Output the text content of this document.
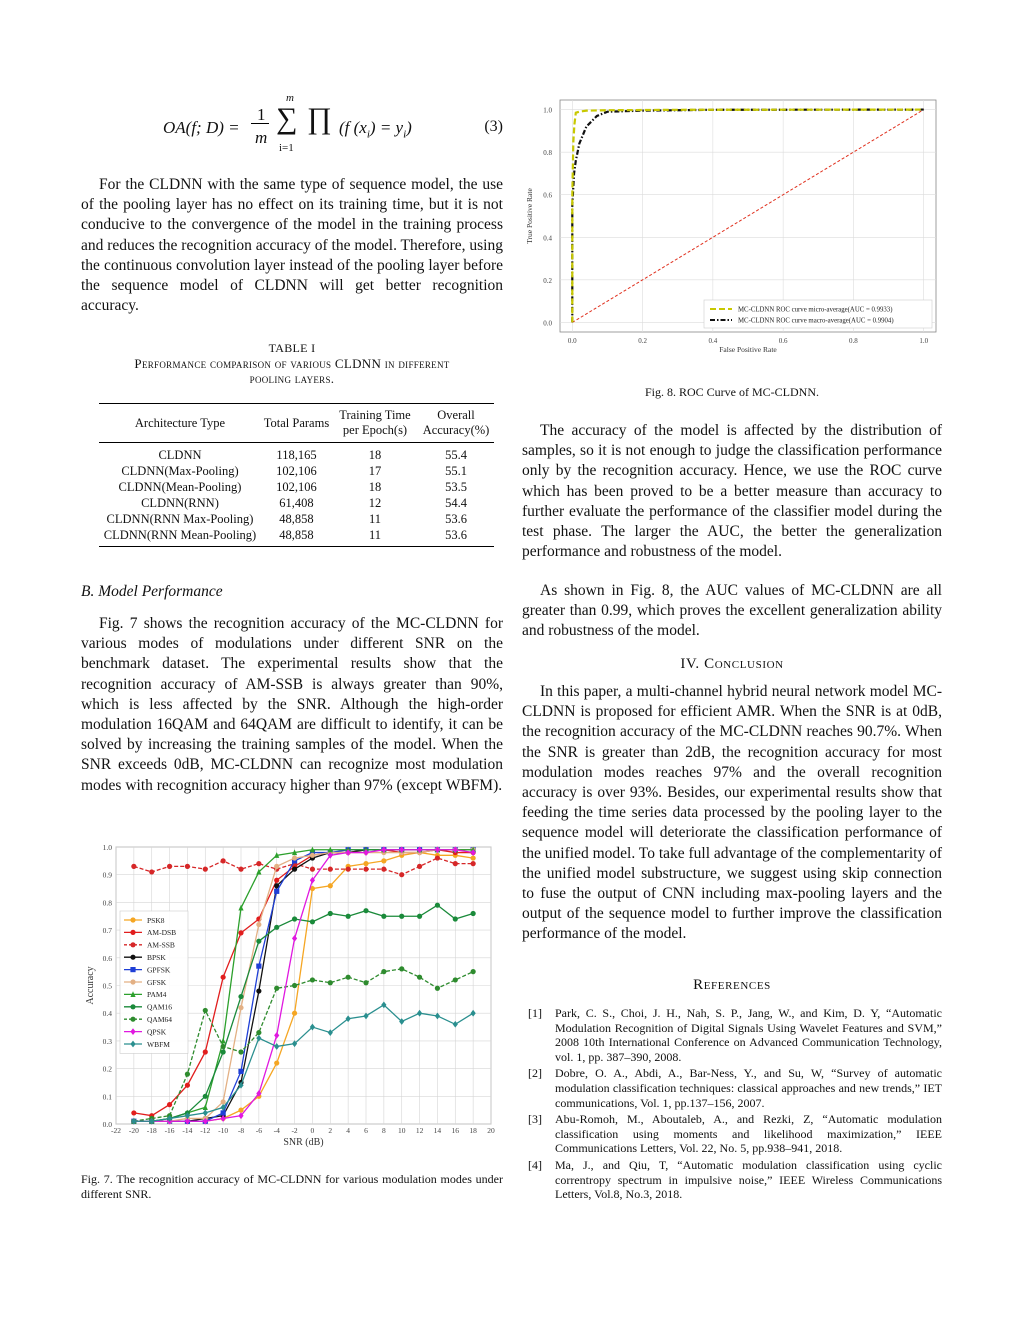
OA(f; D) =
1
m
m
∑
i=1
∏ (f $(x_i) = y_i$)	(3)

For the CLDNN with the same type of sequence model, the use of the pooling layer has no effect on its training time, but it is not conducive to the convergence of the model in the training process and reduces the recognition accuracy of the model. Therefore, using the continuous convolution layer instead of the pooling layer before the sequence model of CLDNN will get better recognition accuracy.

TABLE I
Performance comparison of various CLDNN in different
pooling layers.
Architecture Type	Total Params	Training Time per Epoch(s)	Overall Accuracy(%)
CLDNN	118,165	18	55.4
CLDNN(Max-Pooling)	102,106	17	55.1
CLDNN(Mean-Pooling)	102,106	18	53.5
CLDNN(RNN)	61,408	12	54.4
CLDNN(RNN Max-Pooling)	48,858	11	53.6
CLDNN(RNN Mean-Pooling)	48,858	11	53.6
B. Model Performance

Fig. 7 shows the recognition accuracy of the MC-CLDNN for various modes of modulations under different SNR on the benchmark dataset. The experimental results show that the recognition accuracy of AM-SSB is always greater than 90%, which is less affected by the SNR. Although the high-order modulation 16QAM and 64QAM are difficult to identify, it can be solved by increasing the training samples of the model. When the SNR exceeds 0dB, MC-CLDNN can recognize most modulation modes with recognition accuracy higher than 97% (except WBFM).

0.0
0.1
0.2
0.3
0.4
0.5
0.6
0.7
0.8
0.9
1.0
-22 -20 -18 -16 -14 -12 -10 -8 -6 -4 -2 0 2 4 6 8 10 12 14 16 18 20
SNR (dB)
Accuracy
PSK8
AM-DSB
AM-SSB
BPSK
GPFSK
GFSK
PAM4
QAM16
QAM64
QPSK
WBFM
Fig. 7. The recognition accuracy of MC-CLDNN for various modulation modes under different SNR.
0.0
0.2
0.4
0.6
0.8
1.0
0.0	0.2	0.4	0.6	0.8	1.0
False Positive Rate
True Positive Rate
MC-CLDNN ROC curve micro-average(AUC = 0.9933)
MC-CLDNN ROC curve macro-average(AUC = 0.9904)
Fig. 8. ROC Curve of MC-CLDNN.

The accuracy of the model is affected by the distribution of samples, so it is not enough to judge the classification performance only by the recognition accuracy. Hence, we use the ROC curve which has been proved to be a better measure than accuracy to further evaluate the performance of the classifier model during the test phase. The larger the AUC, the better the generalization performance and robustness of the model.

As shown in Fig. 8, the AUC values of MC-CLDNN are all greater than 0.99, which proves the excellent generalization ability and robustness of the model.

IV. Conclusion

In this paper, a multi-channel hybrid neural network model MC-CLDNN is proposed for efficient AMR. When the SNR is at 0dB, the recognition accuracy of the MC-CLDNN reaches 90.7%. When the SNR is greater than 2dB, the recognition accuracy for most modulation modes reaches 97% and the overall recognition accuracy is over 93%. Besides, our experimental results show that feeding the time series data processed by the pooling layer to the sequence model will deteriorate the classification performance of the unified model. To take full advantage of the complementarity of the unified model substructure, we suggest using skip connection to fuse the output of CNN including max-pooling layers and the output of the sequence model to further improve the classification performance of the model.

References
[1] Park, C. S., Choi, J. H., Nah, S. P., Jang, W., and Kim, D. Y, “Automatic Modulation Recognition of Digital Signals Using Wavelet Features and SVM,” 2008 10th International Conference on Advanced Communication Technology, vol. 1, pp. 387–390, 2008.
[2] Dobre, O. A., Abdi, A., Bar-Ness, Y., and Su, W, “Survey of automatic modulation classification techniques: classical approaches and new trends,” IET communications, Vol. 1, pp.137–156, 2007.
[3] Abu-Romoh, M., Aboutaleb, A., and Rezki, Z, “Automatic modulation classification using moments and likelihood maximization,” IEEE Communications Letters, Vol. 22, No. 5, pp.938–941, 2018.
[4] Ma, J., and Qiu, T, “Automatic modulation classification using cyclic correntropy spectrum in impulsive noise,” IEEE Wireless Communications Letters, Vol.8, No.3, 2018.
